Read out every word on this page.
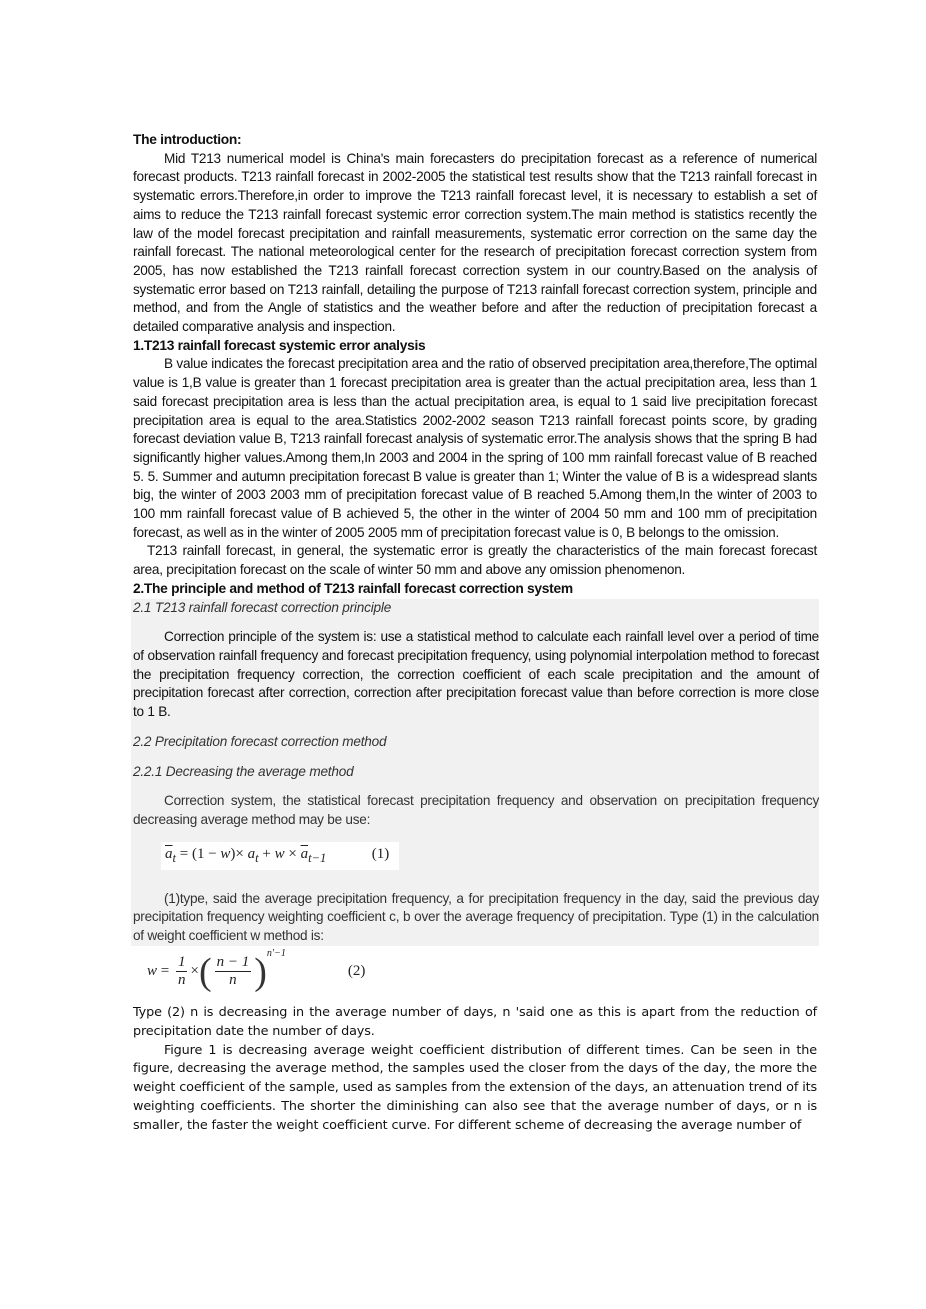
The introduction:

Mid T213 numerical model is China's main forecasters do precipitation forecast as a reference of numerical forecast products. T213 rainfall forecast in 2002-2005 the statistical test results show that the T213 rainfall forecast in systematic errors.Therefore,in order to improve the T213 rainfall forecast level, it is necessary to establish a set of aims to reduce the T213 rainfall forecast systemic error correction system.The main method is statistics recently the law of the model forecast precipitation and rainfall measurements, systematic error correction on the same day the rainfall forecast. The national meteorological center for the research of precipitation forecast correction system from 2005, has now established the T213 rainfall forecast correction system in our country.Based on the analysis of systematic error based on T213 rainfall, detailing the purpose of T213 rainfall forecast correction system, principle and method, and from the Angle of statistics and the weather before and after the reduction of precipitation forecast a detailed comparative analysis and inspection.

1.T213 rainfall forecast systemic error analysis

B value indicates the forecast precipitation area and the ratio of observed precipitation area,therefore,The optimal value is 1,B value is greater than 1 forecast precipitation area is greater than the actual precipitation area, less than 1 said forecast precipitation area is less than the actual precipitation area, is equal to 1 said live precipitation forecast precipitation area is equal to the area.Statistics 2002-2002 season T213 rainfall forecast points score, by grading forecast deviation value B, T213 rainfall forecast analysis of systematic error.The analysis shows that the spring B had significantly higher values.Among them,In 2003 and 2004 in the spring of 100 mm rainfall forecast value of B reached 5. 5. Summer and autumn precipitation forecast B value is greater than 1; Winter the value of B is a widespread slants big, the winter of 2003 2003 mm of precipitation forecast value of B reached 5.Among them,In the winter of 2003 to 100 mm rainfall forecast value of B achieved 5, the other in the winter of 2004 50 mm and 100 mm of precipitation forecast, as well as in the winter of 2005 2005 mm of precipitation forecast value is 0, B belongs to the omission.

T213 rainfall forecast, in general, the systematic error is greatly the characteristics of the main forecast forecast area, precipitation forecast on the scale of winter 50 mm and above any omission phenomenon.

2.The principle and method of T213 rainfall forecast correction system

2.1 T213 rainfall forecast correction principle

Correction principle of the system is: use a statistical method to calculate each rainfall level over a period of time of observation rainfall frequency and forecast precipitation frequency, using polynomial interpolation method to forecast the precipitation frequency correction, the correction coefficient of each scale precipitation and the amount of precipitation forecast after correction, correction after precipitation forecast value than before correction is more close to 1 B.

2.2 Precipitation forecast correction method

2.2.1 Decreasing the average method

Correction system, the statistical forecast precipitation frequency and observation on precipitation frequency decreasing average method may be use:

$\overline{a}_t = (1 - w)\times a_t + w \times \overline{a}_{t-1}$	(1)

(1)type, said the average precipitation frequency, a for precipitation frequency in the day, said the previous day precipitation frequency weighting coefficient c, b over the average frequency of precipitation. Type (1) in the calculation of weight coefficient w method is:

$w = \frac{1}{n}$ × ( $\frac{n - 1}{n} )^{n'-1}$
(2)

Type (2) n is decreasing in the average number of days, n 'said one as this is apart from the reduction of precipitation date the number of days.

Figure 1 is decreasing average weight coefficient distribution of different times. Can be seen in the figure, decreasing the average method, the samples used the closer from the days of the day, the more the weight coefficient of the sample, used as samples from the extension of the days, an attenuation trend of its weighting coefficients. The shorter the diminishing can also see that the average number of days, or n is smaller, the faster the weight coefficient curve. For different scheme of decreasing the average number of
